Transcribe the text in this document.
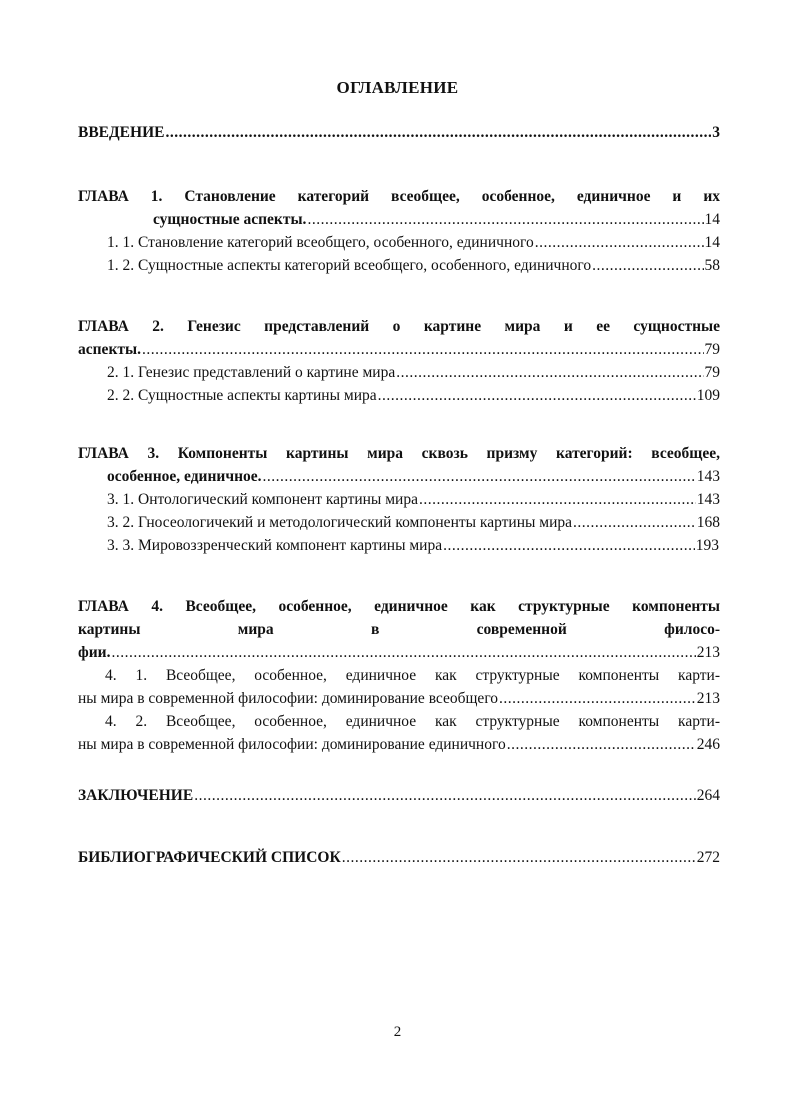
ОГЛАВЛЕНИЕ
ВВЕДЕНИЕ .....	3
ГЛАВА 1. Становление категорий всеобщее, особенное, единичное и их
сущностные аспекты. .....	14
1. 1. Становление категорий всеобщего, особенного, единичного .....	14
1. 2. Сущностные аспекты категорий всеобщего, особенного, единичного .....	58
ГЛАВА 2. Генезис представлений о картине мира и ее сущностные
аспекты. .....	79
2. 1. Генезис представлений о картине мира .....	79
2. 2. Сущностные аспекты картины мира .....	109
ГЛАВА 3. Компоненты картины мира сквозь призму категорий: всеобщее,
особенное, единичное. .....	143
3. 1. Онтологический компонент картины мира .....	143
3. 2. Гносеологичекий и методологический компоненты картины мира .....	168
3. 3. Мировоззренческий компонент картины мира .....	193
ГЛАВА 4. Всеобщее, особенное, единичное как структурные компоненты
картины мира в современной филосо-
фии. .....	213
4. 1. Всеобщее, особенное, единичное как структурные компоненты карти-
ны мира в современной философии: доминирование всеобщего .....	213
4. 2. Всеобщее, особенное, единичное как структурные компоненты карти-
ны мира в современной философии: доминирование единичного .....	246
ЗАКЛЮЧЕНИЕ .....	264
БИБЛИОГРАФИЧЕСКИЙ СПИСОК .....	272
2
